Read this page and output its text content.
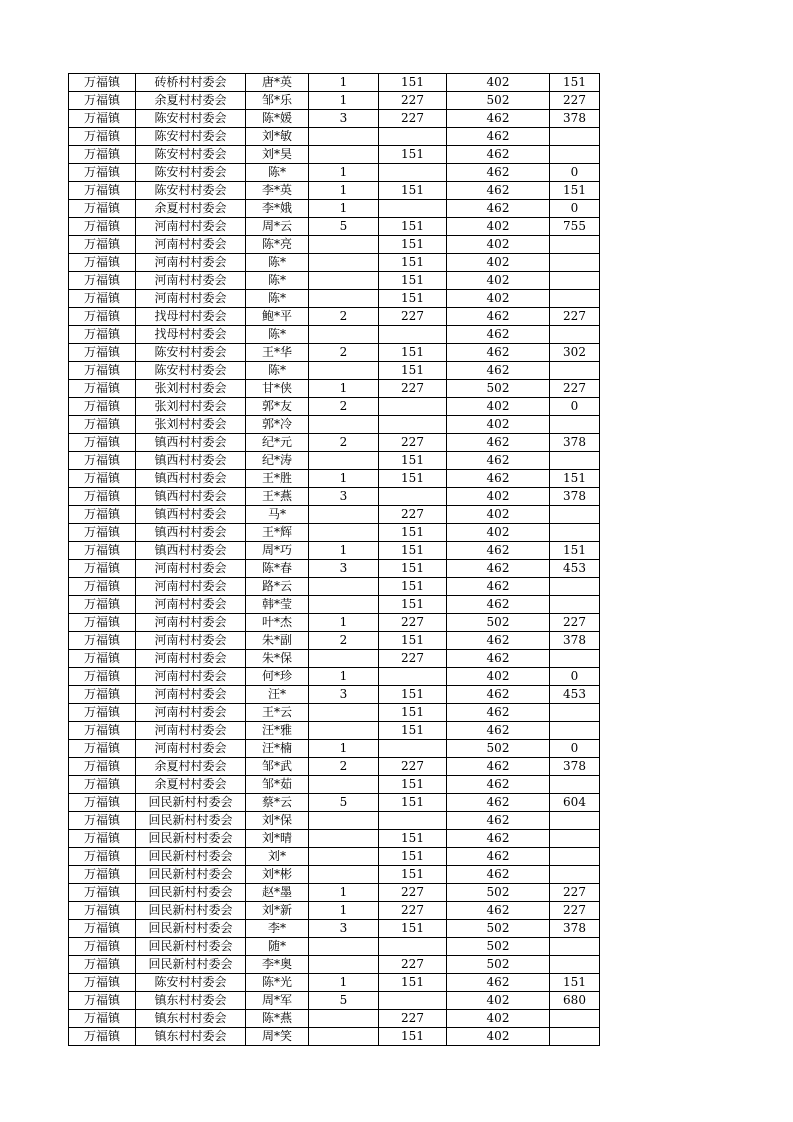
万福镇	砖桥村村委会	唐*英	1	151	402	151
万福镇	余夏村村委会	邹*乐	1	227	502	227
万福镇	陈安村村委会	陈*媛	3	227	462	378
万福镇	陈安村村委会	刘*敏			462	
万福镇	陈安村村委会	刘*昊		151	462	
万福镇	陈安村村委会	陈*	1		462	0
万福镇	陈安村村委会	李*英	1	151	462	151
万福镇	余夏村村委会	李*娥	1		462	0
万福镇	河南村村委会	周*云	5	151	402	755
万福镇	河南村村委会	陈*亮		151	402	
万福镇	河南村村委会	陈*		151	402	
万福镇	河南村村委会	陈*		151	402	
万福镇	河南村村委会	陈*		151	402	
万福镇	找母村村委会	鲍*平	2	227	462	227
万福镇	找母村村委会	陈*			462	
万福镇	陈安村村委会	王*华	2	151	462	302
万福镇	陈安村村委会	陈*		151	462	
万福镇	张刘村村委会	甘*侠	1	227	502	227
万福镇	张刘村村委会	郭*友	2		402	0
万福镇	张刘村村委会	郭*冷			402	
万福镇	镇西村村委会	纪*元	2	227	462	378
万福镇	镇西村村委会	纪*涛		151	462	
万福镇	镇西村村委会	王*胜	1	151	462	151
万福镇	镇西村村委会	王*燕	3		402	378
万福镇	镇西村村委会	马*		227	402	
万福镇	镇西村村委会	王*辉		151	402	
万福镇	镇西村村委会	周*巧	1	151	462	151
万福镇	河南村村委会	陈*春	3	151	462	453
万福镇	河南村村委会	路*云		151	462	
万福镇	河南村村委会	韩*莹		151	462	
万福镇	河南村村委会	叶*杰	1	227	502	227
万福镇	河南村村委会	朱*副	2	151	462	378
万福镇	河南村村委会	朱*保		227	462	
万福镇	河南村村委会	何*珍	1		402	0
万福镇	河南村村委会	汪*	3	151	462	453
万福镇	河南村村委会	王*云		151	462	
万福镇	河南村村委会	汪*雅		151	462	
万福镇	河南村村委会	汪*楠	1		502	0
万福镇	余夏村村委会	邹*武	2	227	462	378
万福镇	余夏村村委会	邹*茹		151	462	
万福镇	回民新村村委会	蔡*云	5	151	462	604
万福镇	回民新村村委会	刘*保			462	
万福镇	回民新村村委会	刘*晴		151	462	
万福镇	回民新村村委会	刘*		151	462	
万福镇	回民新村村委会	刘*彬		151	462	
万福镇	回民新村村委会	赵*墨	1	227	502	227
万福镇	回民新村村委会	刘*新	1	227	462	227
万福镇	回民新村村委会	李*	3	151	502	378
万福镇	回民新村村委会	随*			502	
万福镇	回民新村村委会	李*奥		227	502	
万福镇	陈安村村委会	陈*光	1	151	462	151
万福镇	镇东村村委会	周*军	5		402	680
万福镇	镇东村村委会	陈*燕		227	402	
万福镇	镇东村村委会	周*笑		151	402	
